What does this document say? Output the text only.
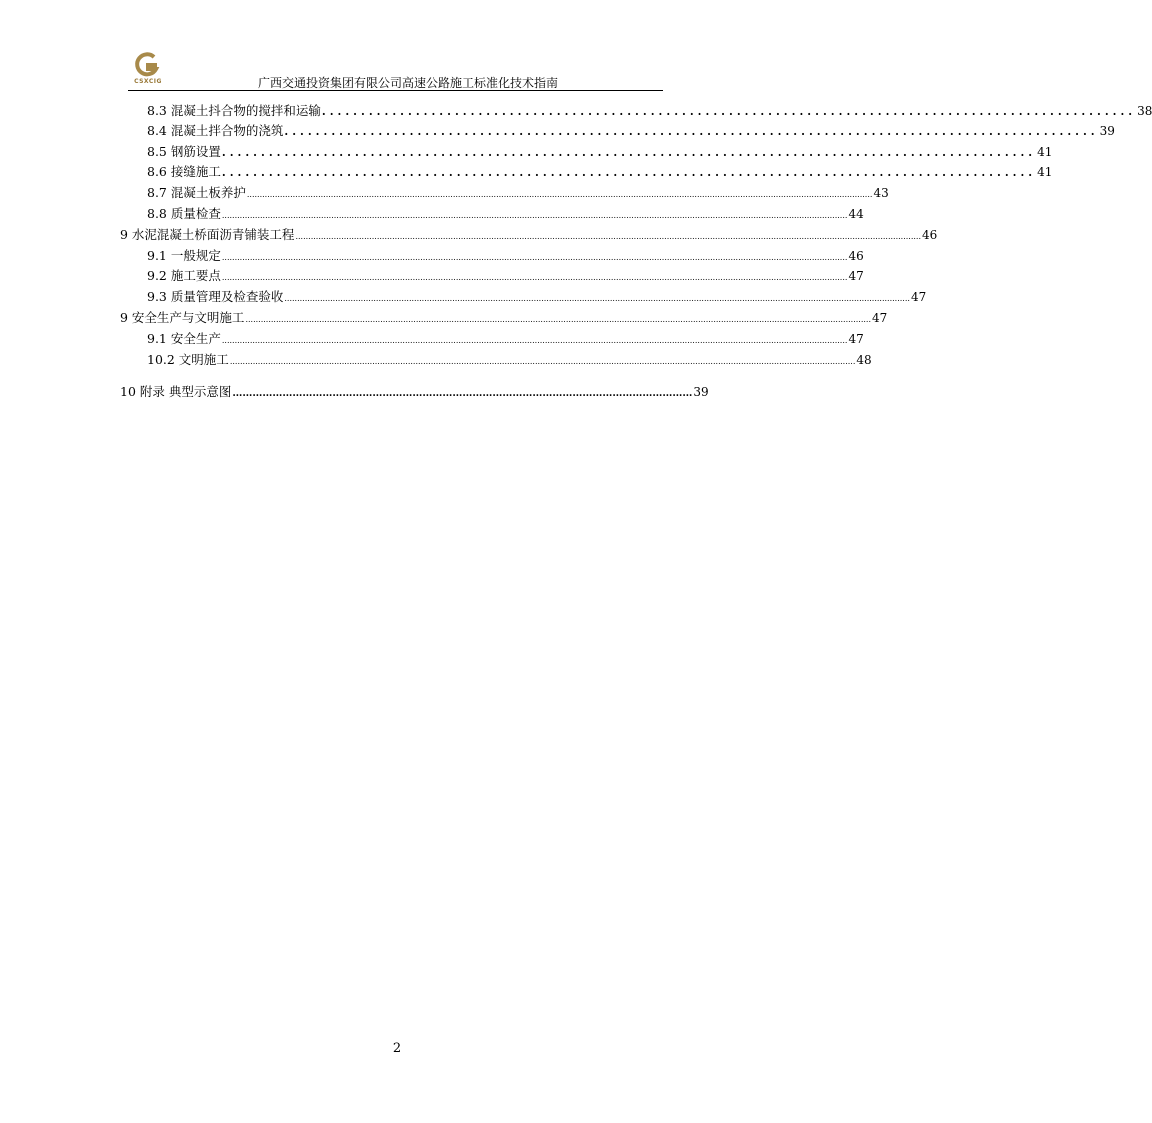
CSXCIG	广西交通投资集团有限公司高速公路施工标准化技术指南
8.3 混凝土抖合物的搅拌和运输 ........................................................................................................ 38
8.4 混凝土拌合物的浇筑 ........................................................................................................ 39
8.5 钢筋设置 ........................................................................................................ 41
8.6 接缝施工 ........................................................................................................ 41
8.7 混凝土板养护 ...................................................................................................................................................................................................................................................... 43
8.8 质量检查 ...................................................................................................................................................................................................................................................... 44
9 水泥混凝土桥面沥青铺装工程 ...................................................................................................................................................................................................................................................... 46
9.1 一般规定 ...................................................................................................................................................................................................................................................... 46
9.2 施工要点 ...................................................................................................................................................................................................................................................... 47
9.3 质量管理及检查验收 ...................................................................................................................................................................................................................................................... 47
9 安全生产与文明施工 ...................................................................................................................................................................................................................................................... 47
9.1 安全生产 ...................................................................................................................................................................................................................................................... 47
10.2 文明施工 ...................................................................................................................................................................................................................................................... 48
10 附录 典型示意图 ………………………………………………………………………………………………………………………… 39
2
